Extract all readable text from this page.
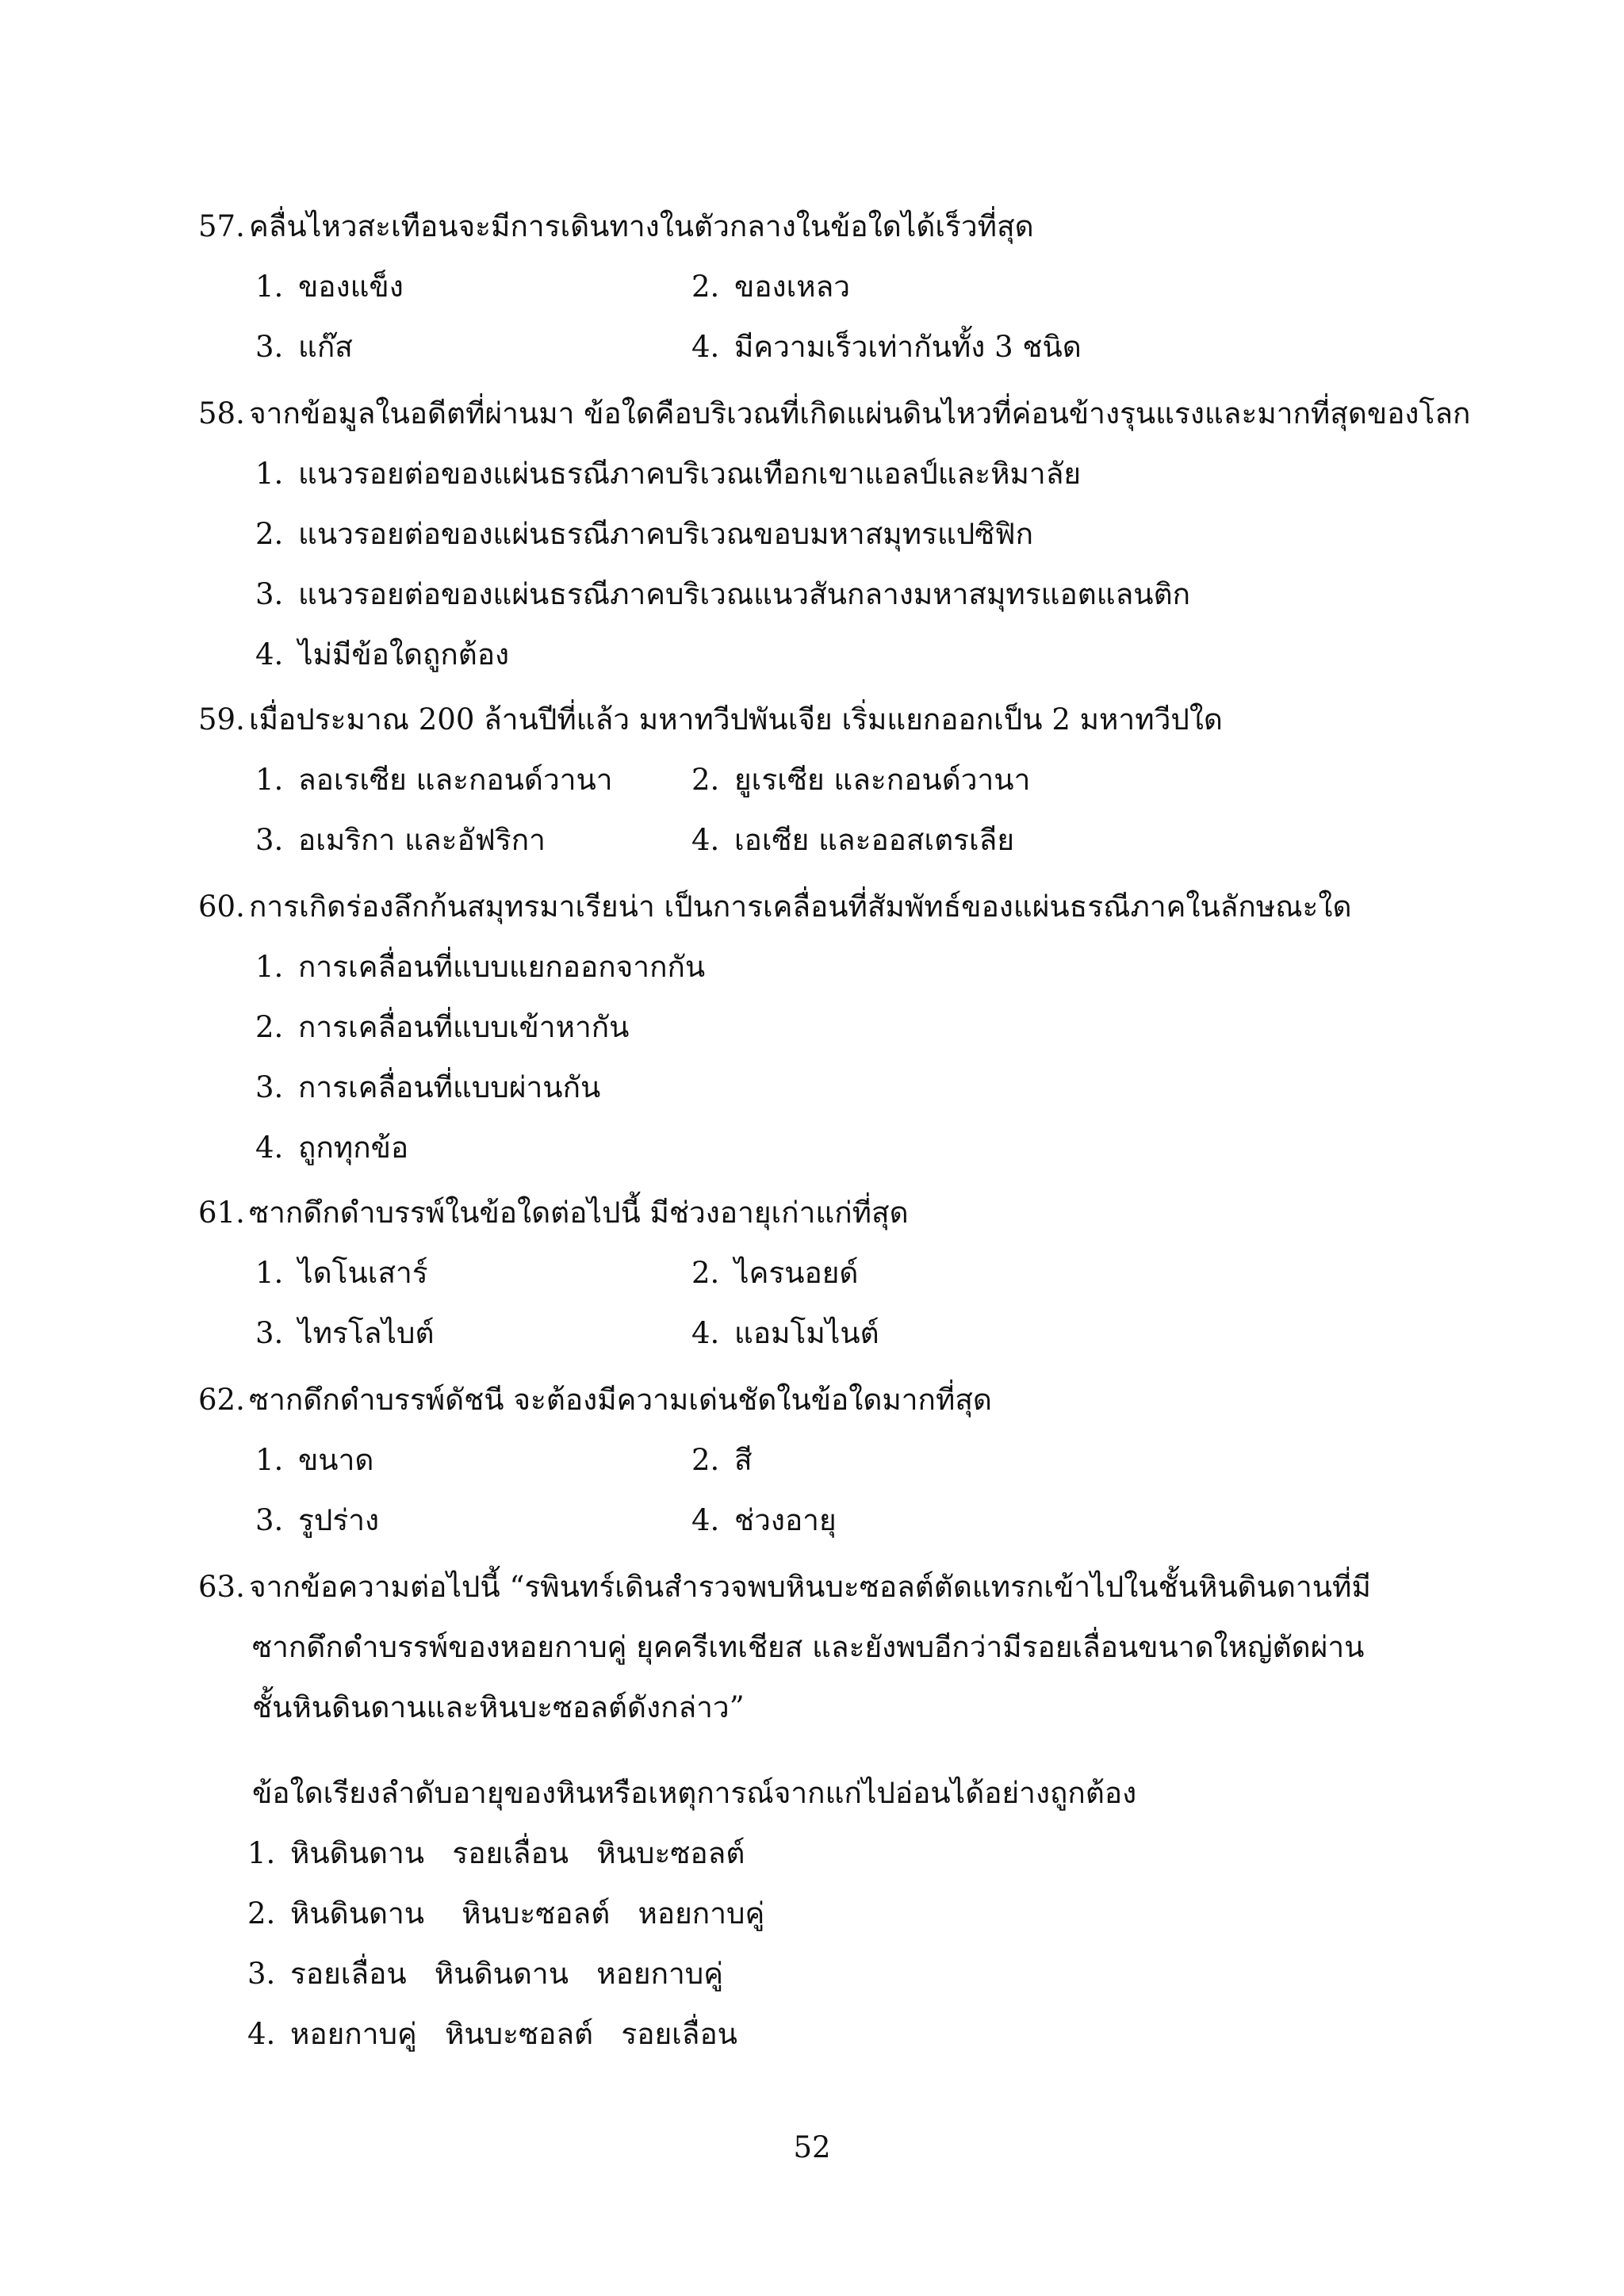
57. คลื่นไหวสะเทือนจะมีการเดินทางในตัวกลางในข้อใดได้เร็วที่สุด
1. ของแข็ง	2. ของเหลว
3. แก๊ส	4. มีความเร็วเท่ากันทั้ง 3 ชนิด
58. จากข้อมูลในอดีตที่ผ่านมา ข้อใดคือบริเวณที่เกิดแผ่นดินไหวที่ค่อนข้างรุนแรงและมากที่สุดของโลก
1. แนวรอยต่อของแผ่นธรณีภาคบริเวณเทือกเขาแอลป์และหิมาลัย
2. แนวรอยต่อของแผ่นธรณีภาคบริเวณขอบมหาสมุทรแปซิฟิก
3. แนวรอยต่อของแผ่นธรณีภาคบริเวณแนวสันกลางมหาสมุทรแอตแลนติก
4. ไม่มีข้อใดถูกต้อง
59. เมื่อประมาณ 200 ล้านปีที่แล้ว มหาทวีปพันเจีย เริ่มแยกออกเป็น 2 มหาทวีปใด
1. ลอเรเซีย และกอนด์วานา	2. ยูเรเซีย และกอนด์วานา
3. อเมริกา และอัฟริกา	4. เอเซีย และออสเตรเลีย
60. การเกิดร่องลึกก้นสมุทรมาเรียน่า เป็นการเคลื่อนที่สัมพัทธ์ของแผ่นธรณีภาคในลักษณะใด
1. การเคลื่อนที่แบบแยกออกจากกัน
2. การเคลื่อนที่แบบเข้าหากัน
3. การเคลื่อนที่แบบผ่านกัน
4. ถูกทุกข้อ
61. ซากดึกดำบรรพ์ในข้อใดต่อไปนี้ มีช่วงอายุเก่าแก่ที่สุด
1. ไดโนเสาร์	2. ไครนอยด์
3. ไทรโลไบต์	4. แอมโมไนต์
62. ซากดึกดำบรรพ์ดัชนี จะต้องมีความเด่นชัดในข้อใดมากที่สุด
1. ขนาด	2. สี
3. รูปร่าง	4. ช่วงอายุ
63. จากข้อความต่อไปนี้ “รพินทร์เดินสำรวจพบหินบะซอลต์ตัดแทรกเข้าไปในชั้นหินดินดานที่มี
ซากดึกดำบรรพ์ของหอยกาบคู่ ยุคครีเทเชียส และยังพบอีกว่ามีรอยเลื่อนขนาดใหญ่ตัดผ่าน
ชั้นหินดินดานและหินบะซอลต์ดังกล่าว”
ข้อใดเรียงลำดับอายุของหินหรือเหตุการณ์จากแก่ไปอ่อนได้อย่างถูกต้อง
1. หินดินดาน   รอยเลื่อน   หินบะซอลต์
2. หินดินดาน    หินบะซอลต์   หอยกาบคู่
3. รอยเลื่อน   หินดินดาน   หอยกาบคู่
4. หอยกาบคู่   หินบะซอลต์   รอยเลื่อน
52
